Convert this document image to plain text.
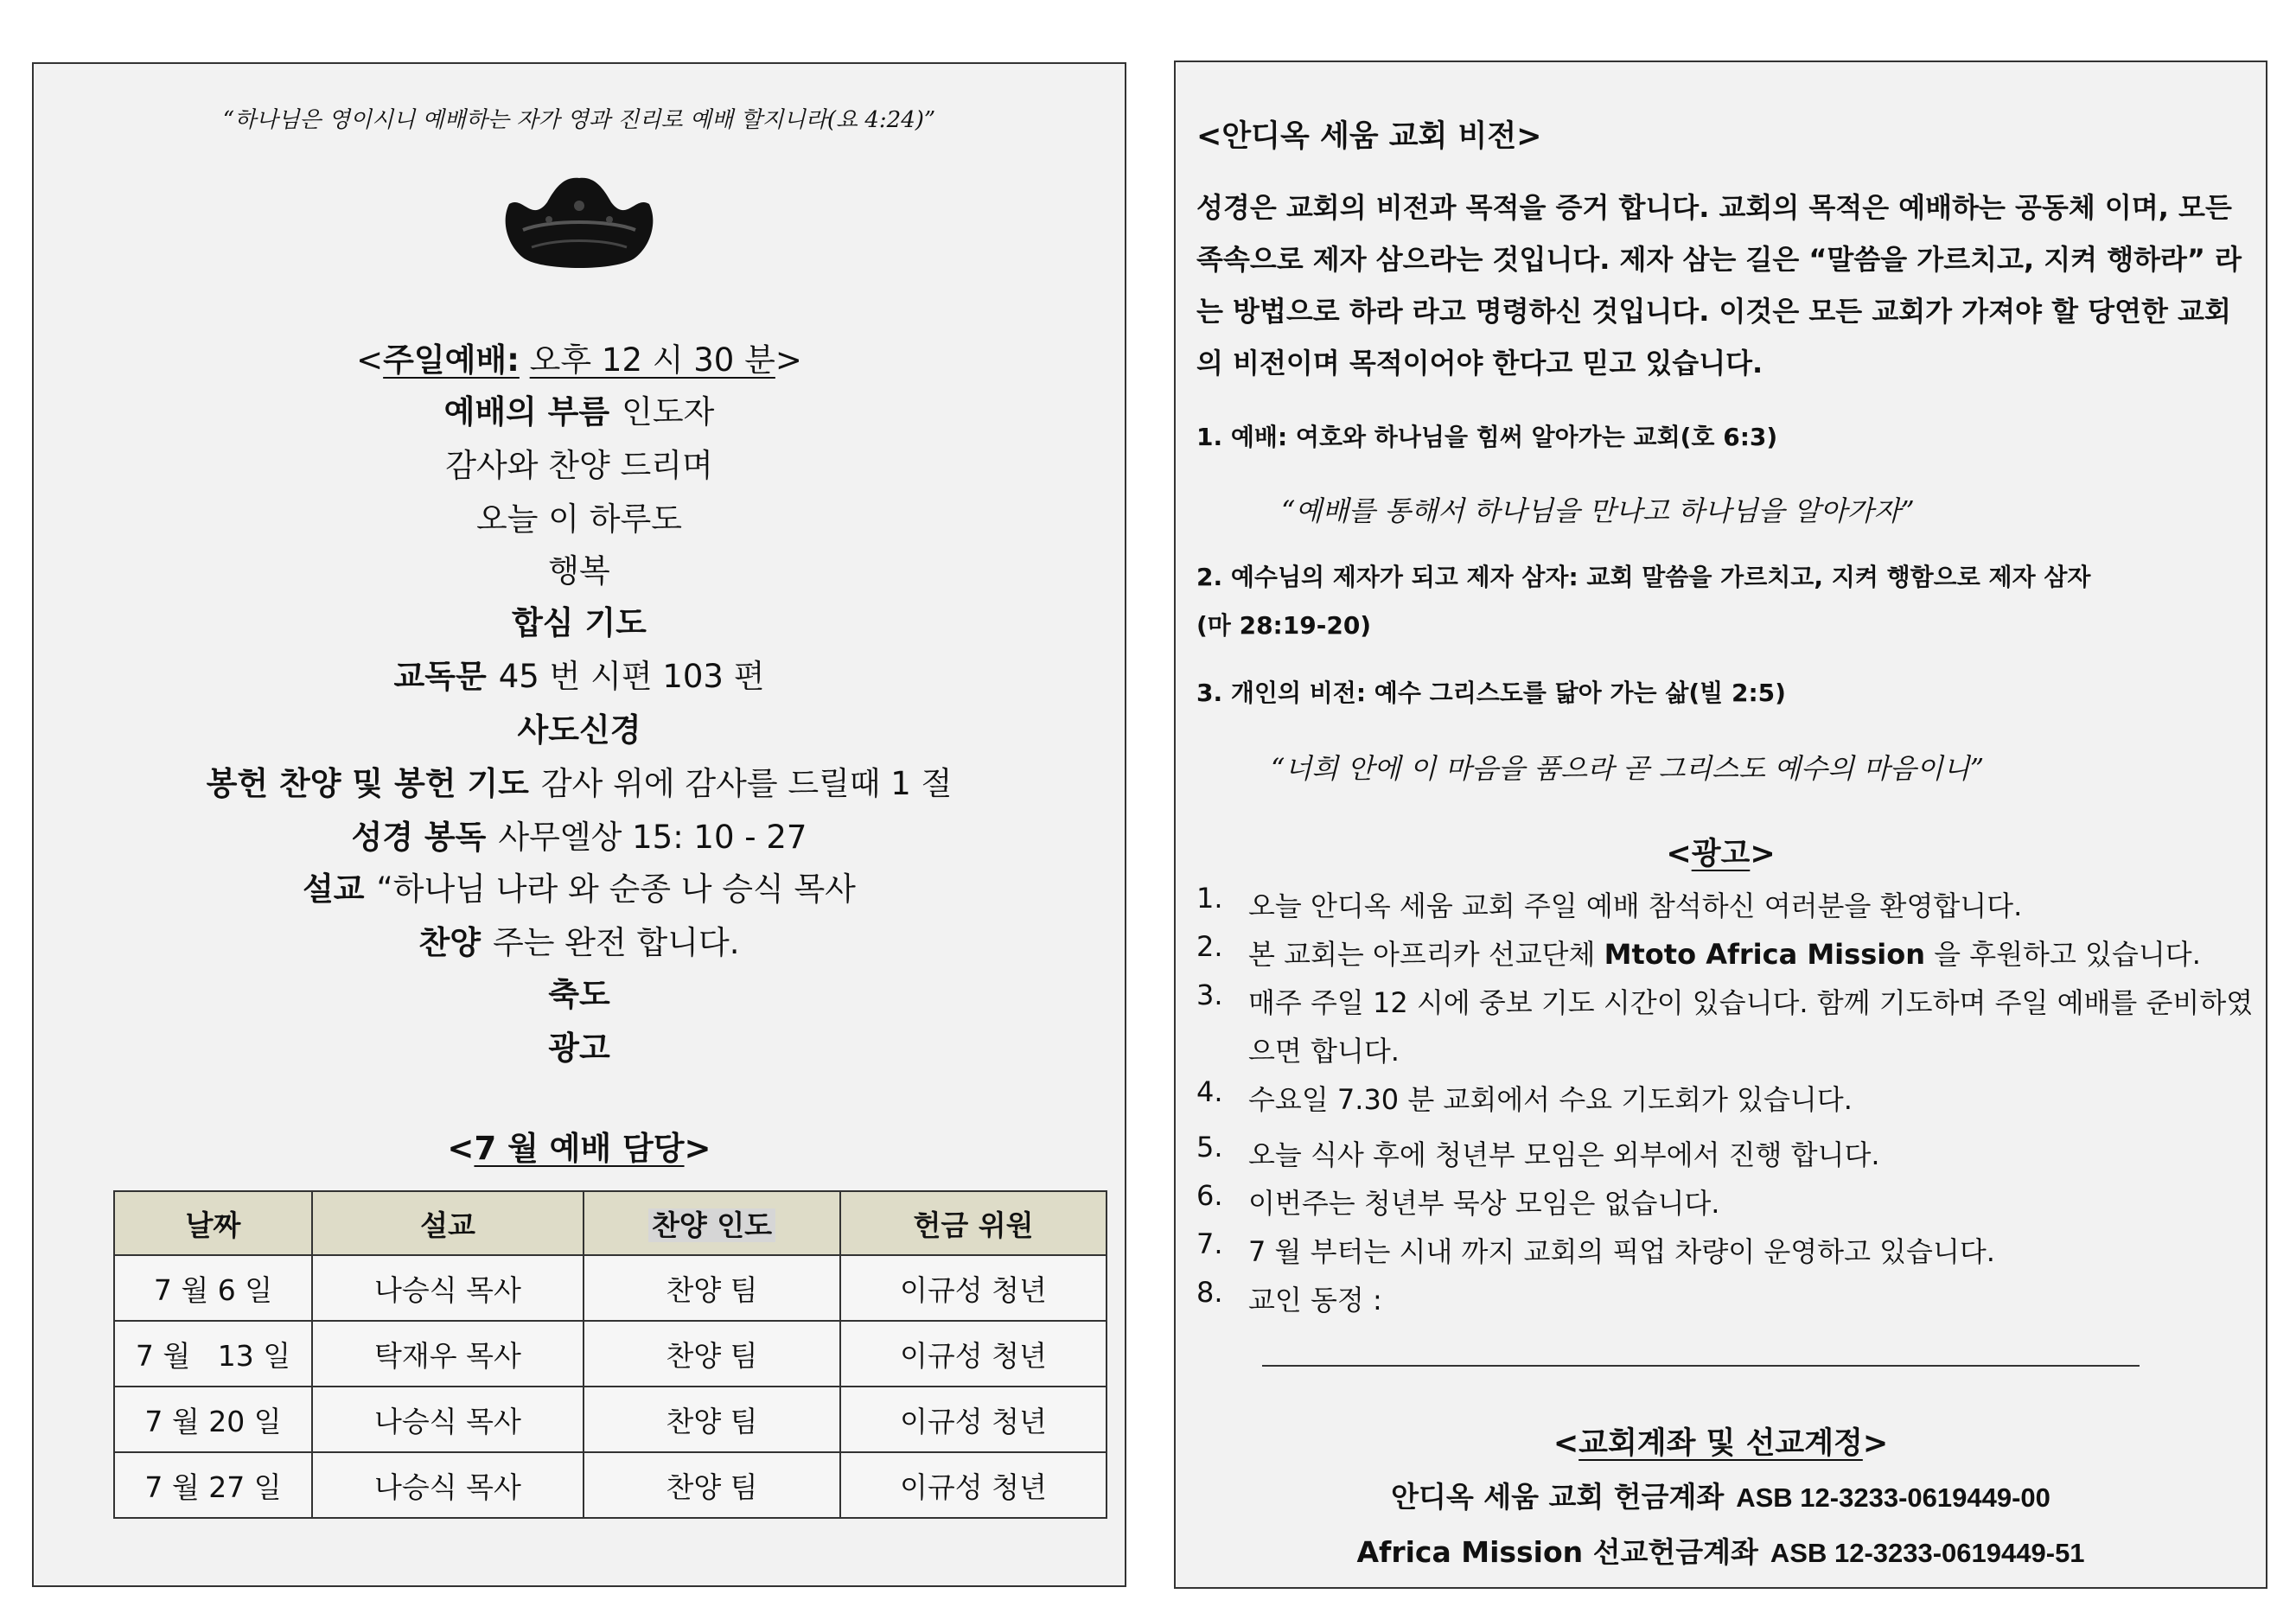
“하나님은 영이시니 예배하는 자가 영과 진리로 예배 할지니라(요 4:24)”
<주일예배: 오후 12 시 30 분>
예배의 부름 인도자
감사와 찬양 드리며
오늘 이 하루도
행복
합심 기도
교독문 45 번 시편 103 편
사도신경
봉헌 찬양 및 봉헌 기도 감사 위에 감사를 드릴때 1 절
성경 봉독 사무엘상 15: 10 - 27
설교 “하나님 나라 와 순종 나 승식 목사
찬양 주는 완전 합니다.
축도
광고
<7 월 예배 담당>
날짜	설교	찬양 인도	헌금 위원
7 월 6 일	나승식 목사	찬양 팀	이규성 청년
7 월   13 일	탁재우 목사	찬양 팀	이규성 청년
7 월 20 일	나승식 목사	찬양 팀	이규성 청년
7 월 27 일	나승식 목사	찬양 팀	이규성 청년
<안디옥 세움 교회 비전>
성경은 교회의 비전과 목적을 증거 합니다. 교회의 목적은 예배하는 공동체 이며, 모든 족속으로 제자 삼으라는 것입니다. 제자 삼는 길은 “말씀을 가르치고, 지켜 행하라” 라는 방법으로 하라 라고 명령하신 것입니다. 이것은 모든 교회가 가져야 할 당연한 교회의 비전이며 목적이어야 한다고 믿고 있습니다.
1. 예배: 여호와 하나님을 힘써 알아가는 교회(호 6:3)
“예배를 통해서 하나님을 만나고 하나님을 알아가자”
2. 예수님의 제자가 되고 제자 삼자: 교회 말씀을 가르치고, 지켜 행함으로 제자 삼자
(마 28:19-20)
3. 개인의 비전: 예수 그리스도를 닮아 가는 삶(빌 2:5)
“너희 안에 이 마음을 품으라 곧 그리스도 예수의 마음이니”
<광고>
1. 오늘 안디옥 세움 교회 주일 예배 참석하신 여러분을 환영합니다.
2. 본 교회는 아프리카 선교단체 Mtoto Africa Mission 을 후원하고 있습니다.
3. 매주 주일 12 시에 중보 기도 시간이 있습니다. 함께 기도하며 주일 예배를 준비하였으면 합니다.
4. 수요일 7.30 분 교회에서 수요 기도회가 있습니다.
5. 오늘 식사 후에 청년부 모임은 외부에서 진행 합니다.
6. 이번주는 청년부 묵상 모임은 없습니다.
7. 7 월 부터는 시내 까지 교회의 픽업 차량이 운영하고 있습니다.
8. 교인 동정 :
<교회계좌 및 선교계정>
안디옥 세움 교회 헌금계좌 ASB 12-3233-0619449-00
Africa Mission 선교헌금계좌 ASB 12-3233-0619449-51
